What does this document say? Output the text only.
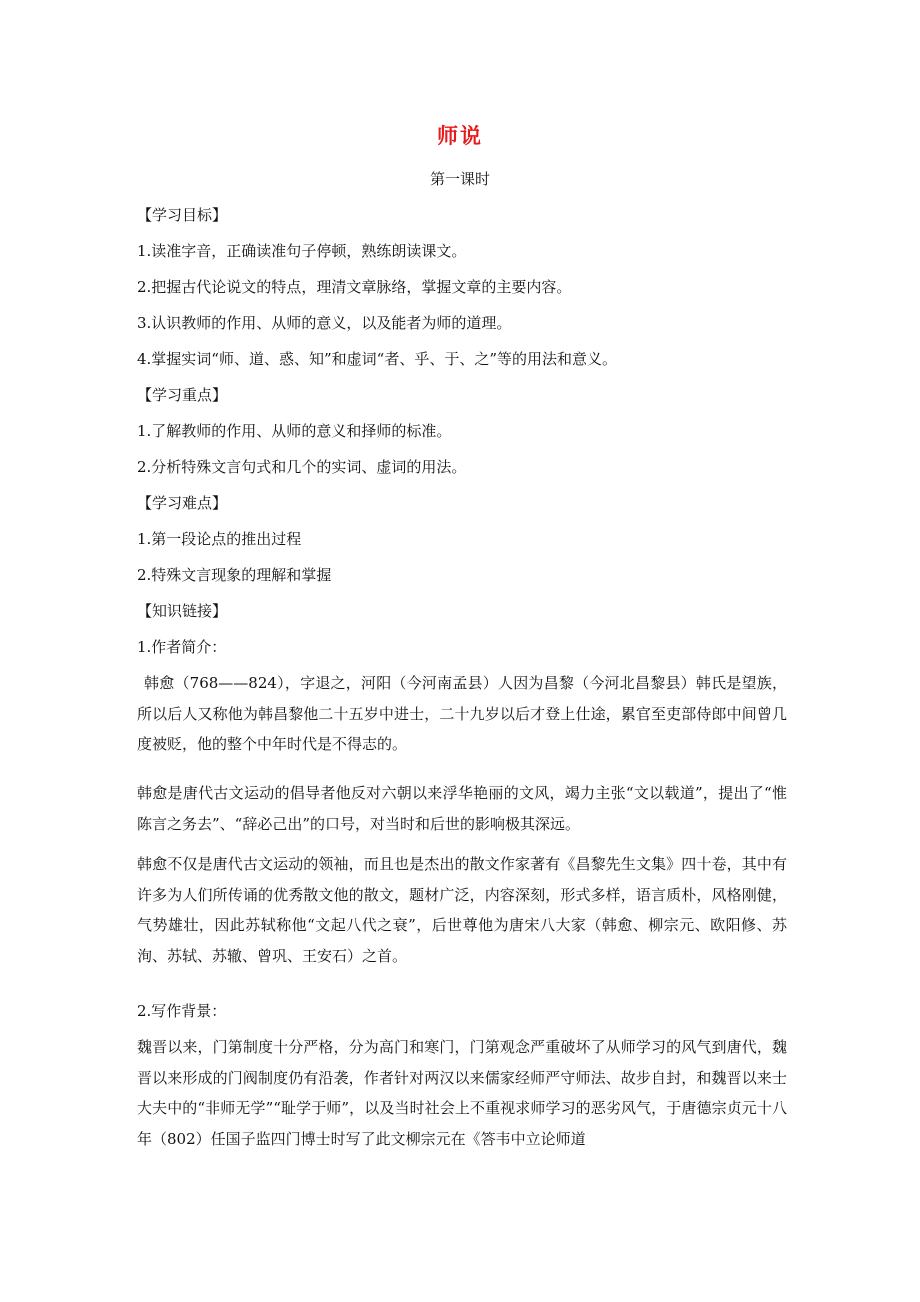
师说
第一课时
【学习目标】
1.读准字音，正确读准句子停顿，熟练朗读课文。
2.把握古代论说文的特点，理清文章脉络，掌握文章的主要内容。
3.认识教师的作用、从师的意义，以及能者为师的道理。
4.掌握实词“师、道、惑、知”和虚词“者、乎、于、之”等的用法和意义。
【学习重点】
1.了解教师的作用、从师的意义和择师的标准。
2.分析特殊文言句式和几个的实词、虚词的用法。
【学习难点】
1.第一段论点的推出过程
2.特殊文言现象的理解和掌握
【知识链接】
1.作者简介：
韩愈（768——824），字退之，河阳（今河南孟县）人因为昌黎（今河北昌黎县）韩氏是望族，所以后人又称他为韩昌黎他二十五岁中进士，二十九岁以后才登上仕途，累官至吏部侍郎中间曾几度被贬，他的整个中年时代是不得志的。
韩愈是唐代古文运动的倡导者他反对六朝以来浮华艳丽的文风，竭力主张“文以载道”，提出了“惟陈言之务去”、“辞必己出”的口号，对当时和后世的影响极其深远。
韩愈不仅是唐代古文运动的领袖，而且也是杰出的散文作家著有《昌黎先生文集》四十卷，其中有许多为人们所传诵的优秀散文他的散文，题材广泛，内容深刻，形式多样，语言质朴，风格刚健，气势雄壮，因此苏轼称他“文起八代之衰”，后世尊他为唐宋八大家（韩愈、柳宗元、欧阳修、苏洵、苏轼、苏辙、曾巩、王安石）之首。
2.写作背景：
魏晋以来，门第制度十分严格，分为高门和寒门，门第观念严重破坏了从师学习的风气到唐代，魏晋以来形成的门阀制度仍有沿袭，作者针对两汉以来儒家经师严守师法、故步自封，和魏晋以来士大夫中的“非师无学”“耻学于师”，以及当时社会上不重视求师学习的恶劣风气，于唐德宗贞元十八年（802）任国子监四门博士时写了此文柳宗元在《答韦中立论师道
